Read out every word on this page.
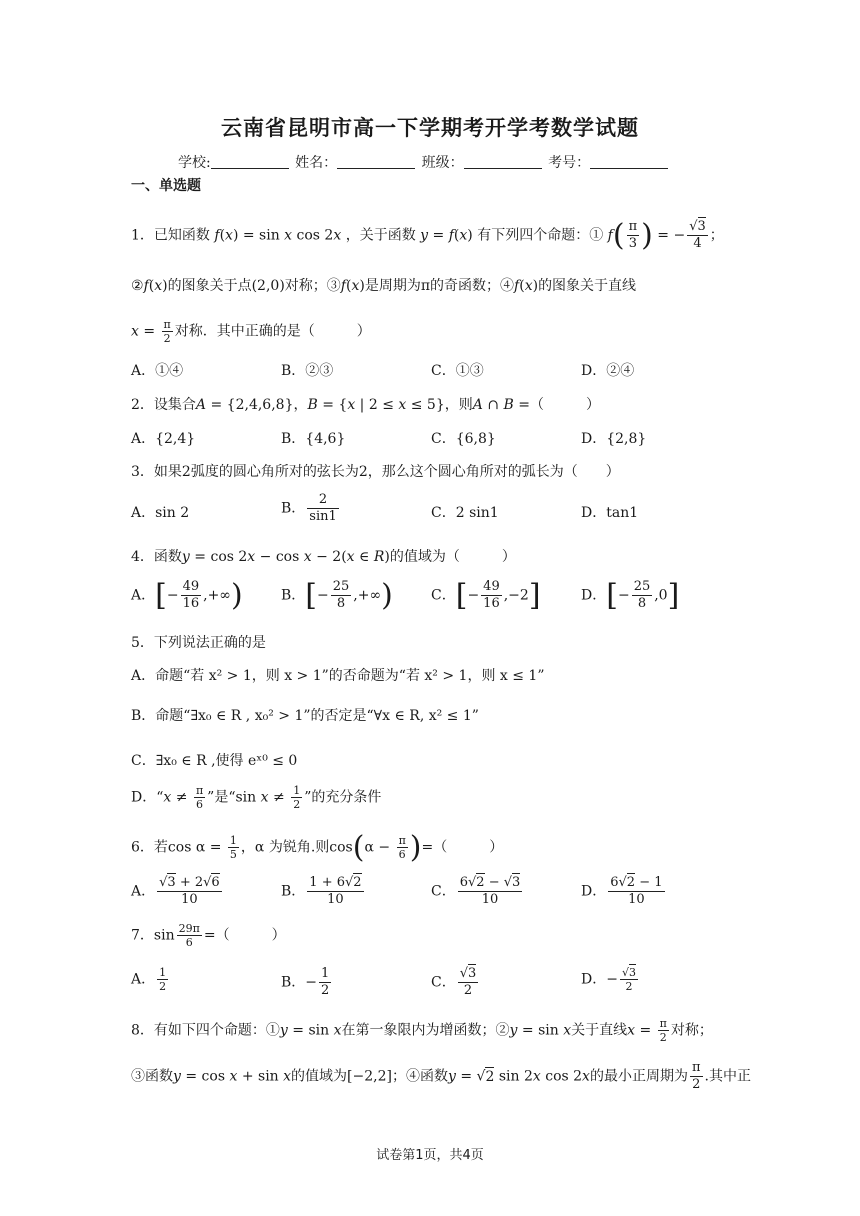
云南省昆明市高一下学期考开学考数学试题
学校:	姓名：	班级：	考号：
一、单选题
1．已知函数 f(x) = sin x cos 2x ，关于函数 y = f(x) 有下列四个命题：① $f( \frac{\pi}{3}$ ) = − $\frac{√3}{4}$ ；
②f(x)的图象关于点(2,0)对称；③f(x)是周期为π的奇函数；④f(x)的图象关于直线
$x = \frac{\pi}{2}$ 对称．其中正确的是（　　　）
A．①④	B．②③	C．①③	D．②④
2．设集合A = {2,4,6,8}，B = {x | 2 ≤ x ≤ 5}，则A ∩ B =（　　　）
A．{2,4}	B．{4,6}	C．{6,8}	D．{2,8}
3．如果2弧度的圆心角所对的弦长为2，那么这个圆心角所对的弧长为（　　）
A．sin 2	B． $\frac{2}{\sin 1}$	C．2 sin1	D．tan1
4．函数y = cos 2x − cos x − 2(x ∈ R)的值域为（　　　）
A．[− $\frac{49}{16}$ ,+∞)	B．[− $\frac{25}{8}$ ,+∞)	C．[− $\frac{49}{16} ,-2$]	D．[− $\frac{25}{8} ,0$]
5．下列说法正确的是
A．命题“若 x² > 1，则 x > 1”的否命题为“若 x² > 1，则 x ≤ 1”
B．命题“∃x₀ ∈ R , x₀² > 1”的否定是“∀x ∈ R, x² ≤ 1”
C．∃x₀ ∈ R ,使得 eˣ⁰ ≤ 0
D．“$x \ne \frac{\pi}{6}$ ”是“sin $x \ne \frac{1}{2}$ ”的充分条件
6．若$\cos \alpha = \frac{1}{5}$ ，α 为锐角.则$\cos(\alpha - \frac{\pi}{6}$ )=（　　　）
A． $\frac{√3 + 2√6}{10}$	B． $\frac{1 + 6√2}{10}$	C． $\frac{6√2 - √3}{10}$	D． $\frac{6√2 - 1}{10}$
7．$\sin \frac{29\pi}{6}$ =（　　　）
A． $\frac{1}{2}$	B．− $\frac{1}{2}$	C． $\frac{√3}{2}$	D．− $\frac{√3}{2}$
8．有如下四个命题：①y = sin x在第一象限内为增函数；②y = sin x关于直线$x = \frac{\pi}{2}$ 对称；
③函数y = cos x + sin x的值域为[−2,2]；④函数y = √2 sin 2x cos 2x的最小正周期为 $\frac{\pi}{2}$ .其中正
试卷第1页，共4页
